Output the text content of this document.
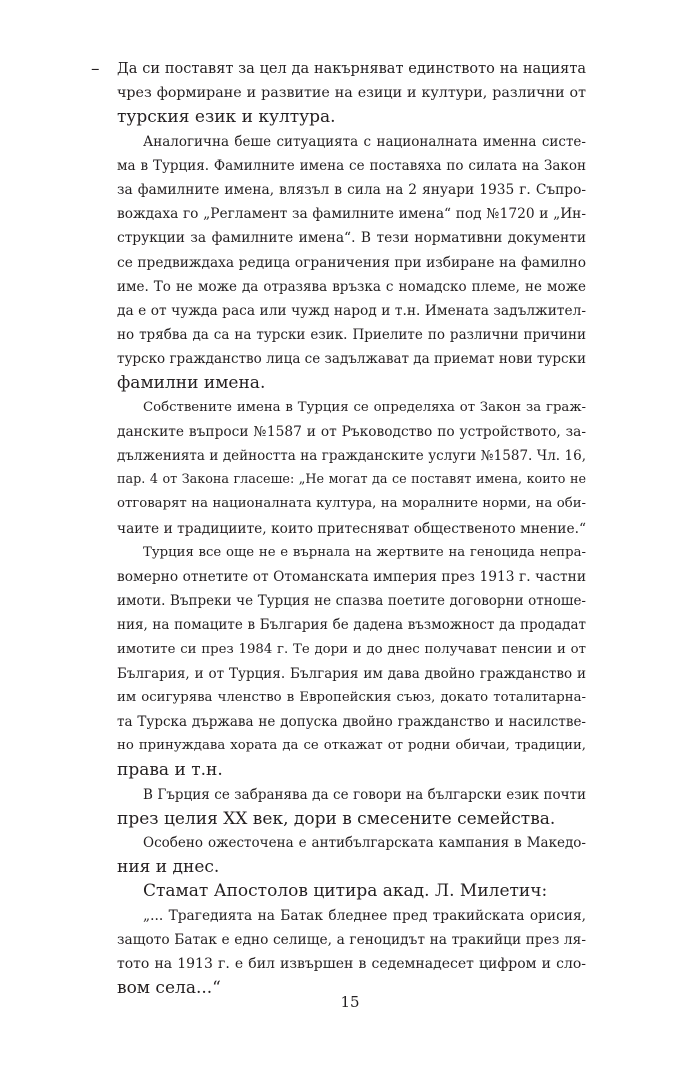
– Да си поставят за цел да накърняват единството на нацията
чрез формиране и развитие на езици и култури, различни от
турския език и култура.
Аналогична беше ситуацията с националната именна систе-
ма в Турция. Фамилните имена се поставяха по силата на Закон
за фамилните имена, влязъл в сила на 2 януари 1935 г. Съпро-
вождаха го „Регламент за фамилните имена“ под №1720 и „Ин-
струкции за фамилните имена“. В тези нормативни документи
се предвиждаха редица ограничения при избиране на фамилно
име. То не може да отразява връзка с номадско племе, не може
да е от чужда раса или чужд народ и т.н. Имената задължител-
но трябва да са на турски език. Приелите по различни причини
турско гражданство лица се задължават да приемат нови турски
фамилни имена.
Собствените имена в Турция се определяха от Закон за граж-
данските въпроси №1587 и от Ръководство по устройството, за-
дълженията и дейността на гражданските услуги №1587. Чл. 16,
пар. 4 от Закона гласеше: „Не могат да се поставят имена, които не
отговарят на националната култура, на моралните норми, на оби-
чаите и традициите, които притесняват общественото мнение.“
Турция все още не е върнала на жертвите на геноцида непра-
вомерно отнетите от Отоманската империя през 1913 г. частни
имоти. Въпреки че Турция не спазва поетите договорни отноше-
ния, на помаците в България бе дадена възможност да продадат
имотите си през 1984 г. Те дори и до днес получават пенсии и от
България, и от Турция. България им дава двойно гражданство и
им осигурява членство в Европейския съюз, докато тоталитарна-
та Турска държава не допуска двойно гражданство и насилстве-
но принуждава хората да се откажат от родни обичаи, традиции,
права и т.н.
В Гърция се забранява да се говори на български език почти
през целия XX век, дори в смесените семейства.
Особено ожесточена е антибългарската кампания в Македо-
ния и днес.
Стамат Апостолов цитира акад. Л. Милетич:
„... Трагедията на Батак бледнее пред тракийската орисия,
защото Батак е едно селище, а геноцидът на тракийци през ля-
тото на 1913 г. е бил извършен в седемнадесет цифром и сло-
вом села...“
15
